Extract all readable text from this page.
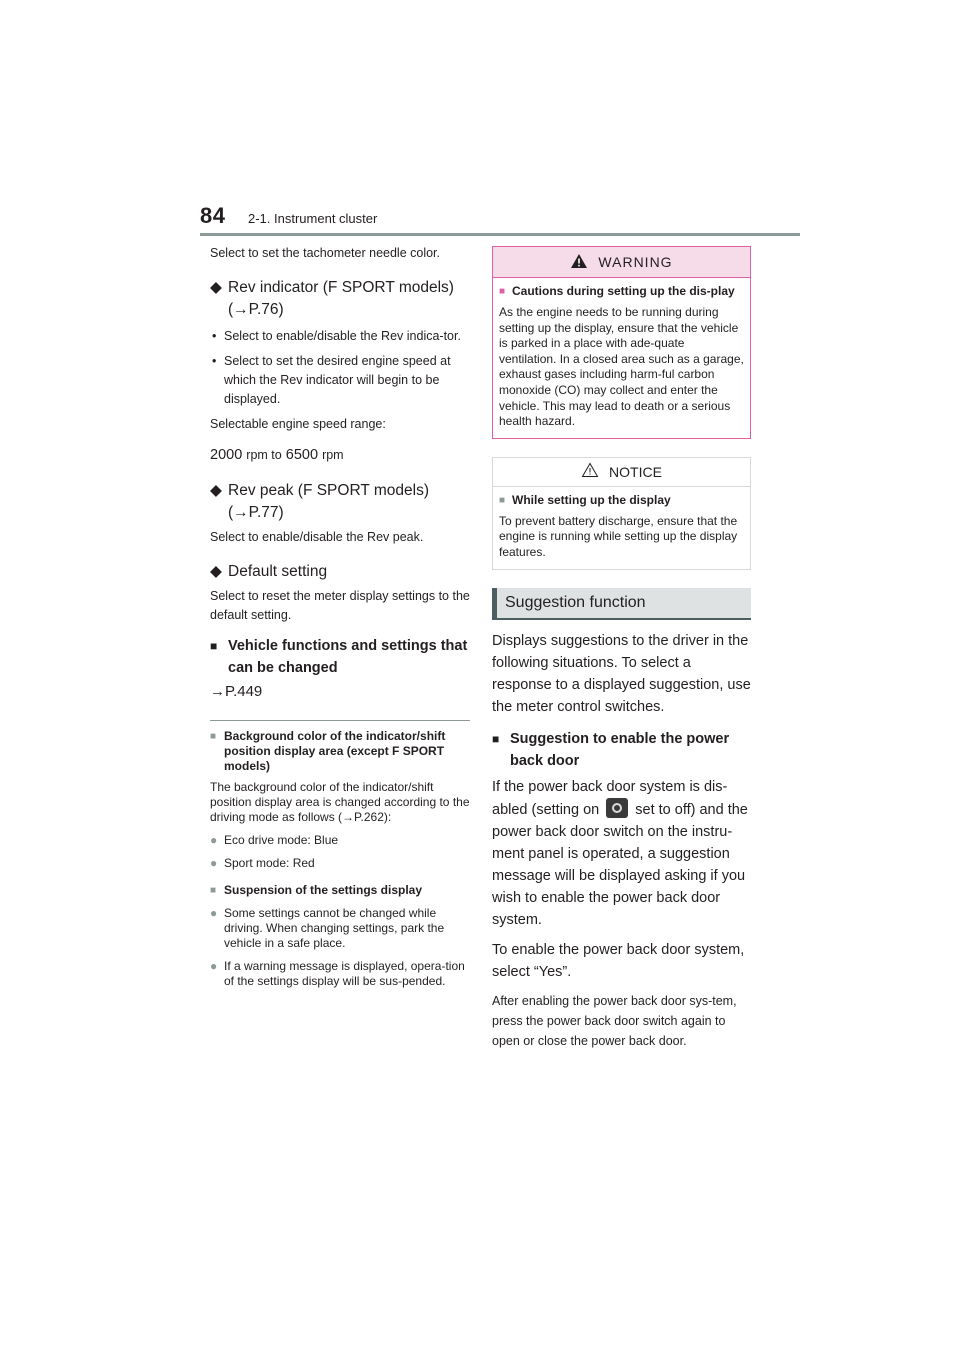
84 2-1. Instrument cluster

Select to set the tachometer needle color.

◆ Rev indicator (F SPORT models)
(→P.76)
• Select to enable/disable the Rev indica-tor.
• Select to set the desired engine speed at which the Rev indicator will begin to be displayed.

Selectable engine speed range:

2000 rpm to 6500 rpm

◆ Rev peak (F SPORT models)
(→P.77)

Select to enable/disable the Rev peak.

◆ Default setting

Select to reset the meter display settings to the default setting.

■ Vehicle functions and settings that can be changed

→P.449

■ Background color of the indicator/shift position display area (except F SPORT models)

The background color of the indicator/shift position display area is changed according to the driving mode as follows (→P.262):

● Eco drive mode: Blue
● Sport mode: Red
■ Suspension of the settings display
● Some settings cannot be changed while driving. When changing settings, park the vehicle in a safe place.
● If a warning message is displayed, opera-tion of the settings display will be sus-pended.
WARNING
■ Cautions during setting up the dis-play

As the engine needs to be running during setting up the display, ensure that the vehicle is parked in a place with ade-quate ventilation. In a closed area such as a garage, exhaust gases including harm-ful carbon monoxide (CO) may collect and enter the vehicle. This may lead to death or a serious health hazard.

NOTICE
■ While setting up the display

To prevent battery discharge, ensure that the engine is running while setting up the display features.

Suggestion function

Displays suggestions to the driver in the following situations. To select a response to a displayed suggestion, use the meter control switches.

■ Suggestion to enable the power back door

If the power back door system is dis-abled (setting on set to off) and the power back door switch on the instru-ment panel is operated, a suggestion message will be displayed asking if you wish to enable the power back door system.

To enable the power back door system, select “Yes”.

After enabling the power back door sys-tem, press the power back door switch again to open or close the power back door.
